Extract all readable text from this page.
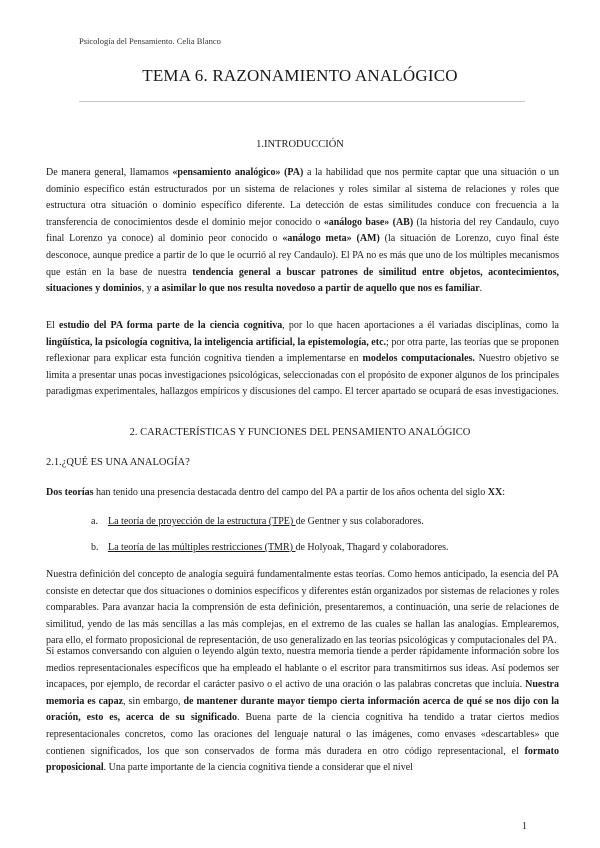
Psicología del Pensamiento. Celia Blanco
TEMA 6. RAZONAMIENTO ANALÓGICO
1.INTRODUCCIÓN

De manera general, llamamos «pensamiento analógico» (PA) a la habilidad que nos permite captar que una situación o un dominio específico están estructurados por un sistema de relaciones y roles similar al sistema de relaciones y roles que estructura otra situación o dominio específico diferente. La detección de estas similitudes conduce con frecuencia a la transferencia de conocimientos desde el dominio mejor conocido o «análogo base» (AB) (la historia del rey Candaulo, cuyo final Lorenzo ya conoce) al dominio peor conocido o «análogo meta» (AM) (la situación de Lorenzo, cuyo final éste desconoce, aunque predice a partir de lo que le ocurrió al rey Candaulo). El PA no es más que uno de los múltiples mecanismos que están en la base de nuestra tendencia general a buscar patrones de similitud entre objetos, acontecimientos, situaciones y dominios, y a asimilar lo que nos resulta novedoso a partir de aquello que nos es familiar.

El estudio del PA forma parte de la ciencia cognitiva, por lo que hacen aportaciones a él variadas disciplinas, como la lingüística, la psicología cognitiva, la inteligencia artificial, la epistemología, etc.; por otra parte, las teorías que se proponen reflexionar para explicar esta función cognitiva tienden a implementarse en modelos computacionales. Nuestro objetivo se limita a presentar unas pocas investigaciones psicológicas, seleccionadas con el propósito de exponer algunos de los principales paradigmas experimentales, hallazgos empíricos y discusiones del campo. El tercer apartado se ocupará de esas investigaciones.

2. CARACTERÍSTICAS Y FUNCIONES DEL PENSAMIENTO ANALÓGICO
2.1.¿QUÉ ES UNA ANALOGÍA?

Dos teorías han tenido una presencia destacada dentro del campo del PA a partir de los años ochenta del siglo XX:

a. La teoría de proyección de la estructura (TPE) de Gentner y sus colaboradores.
b. La teoría de las múltiples restricciones (TMR) de Holyoak, Thagard y colaboradores.

Nuestra definición del concepto de analogía seguirá fundamentalmente estas teorías. Como hemos anticipado, la esencia del PA consiste en detectar que dos situaciones o dominios específicos y diferentes están organizados por sistemas de relaciones y roles comparables. Para avanzar hacia la comprensión de esta definición, presentaremos, a continuación, una serie de relaciones de similitud, yendo de las más sencillas a las más complejas, en el extremo de las cuales se hallan las analogías. Emplearemos, para ello, el formato proposicional de representación, de uso generalizado en las teorías psicológicas y computacionales del PA.

Si estamos conversando con alguien o leyendo algún texto, nuestra memoria tiende a perder rápidamente información sobre los medios representacionales específicos que ha empleado el hablante o el escritor para transmitirnos sus ideas. Así podemos ser incapaces, por ejemplo, de recordar el carácter pasivo o el activo de una oración o las palabras concretas que incluía. Nuestra memoria es capaz, sin embargo, de mantener durante mayor tiempo cierta información acerca de qué se nos dijo con la oración, esto es, acerca de su significado. Buena parte de la ciencia cognitiva ha tendido a tratar ciertos medios representacionales concretos, como las oraciones del lenguaje natural o las imágenes, como envases «descartables» que contienen significados, los que son conservados de forma más duradera en otro código representacional, el formato proposicional. Una parte importante de la ciencia cognitiva tiende a considerar que el nivel

1
